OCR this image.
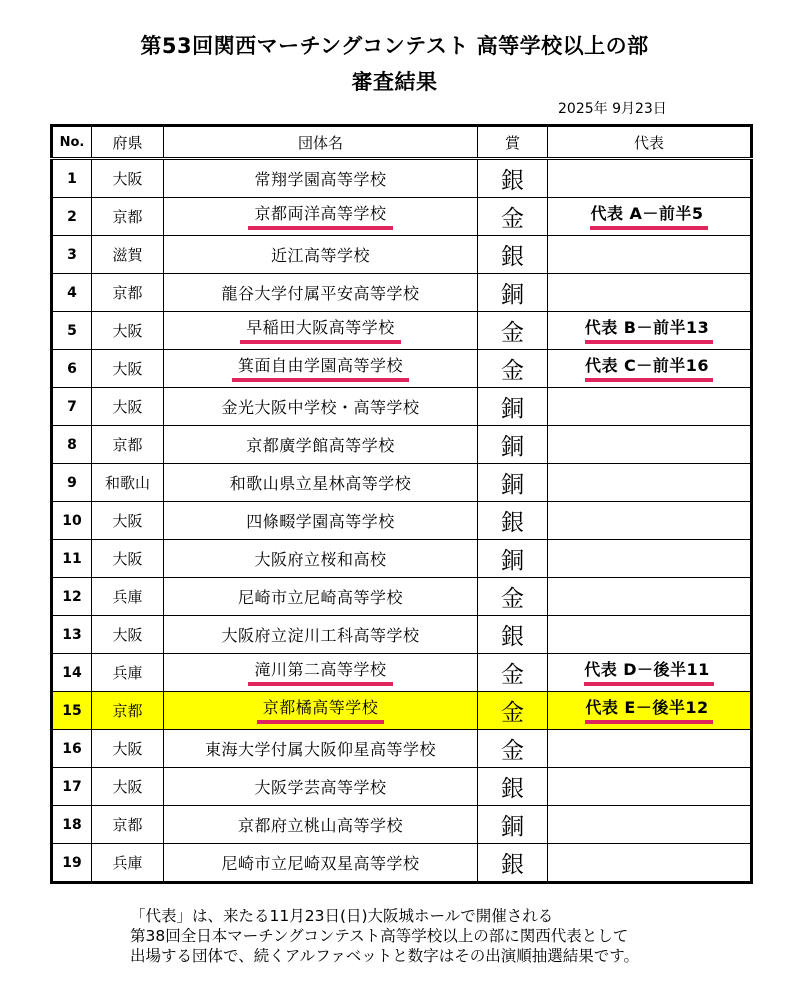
第53回関西マーチングコンテスト 高等学校以上の部
審査結果
2025年 9月23日
No.	府県	団体名	賞	代表
1	大阪	常翔学園高等学校	銀	
2	京都	京都両洋高等学校	金	代表 A－前半5
3	滋賀	近江高等学校	銀	
4	京都	龍谷大学付属平安高等学校	銅	
5	大阪	早稲田大阪高等学校	金	代表 B－前半13
6	大阪	箕面自由学園高等学校	金	代表 C－前半16
7	大阪	金光大阪中学校・高等学校	銅	
8	京都	京都廣学館高等学校	銅	
9	和歌山	和歌山県立星林高等学校	銅	
10	大阪	四條畷学園高等学校	銀	
11	大阪	大阪府立桜和高校	銅	
12	兵庫	尼崎市立尼崎高等学校	金	
13	大阪	大阪府立淀川工科高等学校	銀	
14	兵庫	滝川第二高等学校	金	代表 D－後半11
15	京都	京都橘高等学校	金	代表 E－後半12
16	大阪	東海大学付属大阪仰星高等学校	金	
17	大阪	大阪学芸高等学校	銀	
18	京都	京都府立桃山高等学校	銅	
19	兵庫	尼崎市立尼崎双星高等学校	銀	
「代表」は、来たる11月23日(日)大阪城ホールで開催される
第38回全日本マーチングコンテスト高等学校以上の部に関西代表として
出場する団体で、続くアルファベットと数字はその出演順抽選結果です。
